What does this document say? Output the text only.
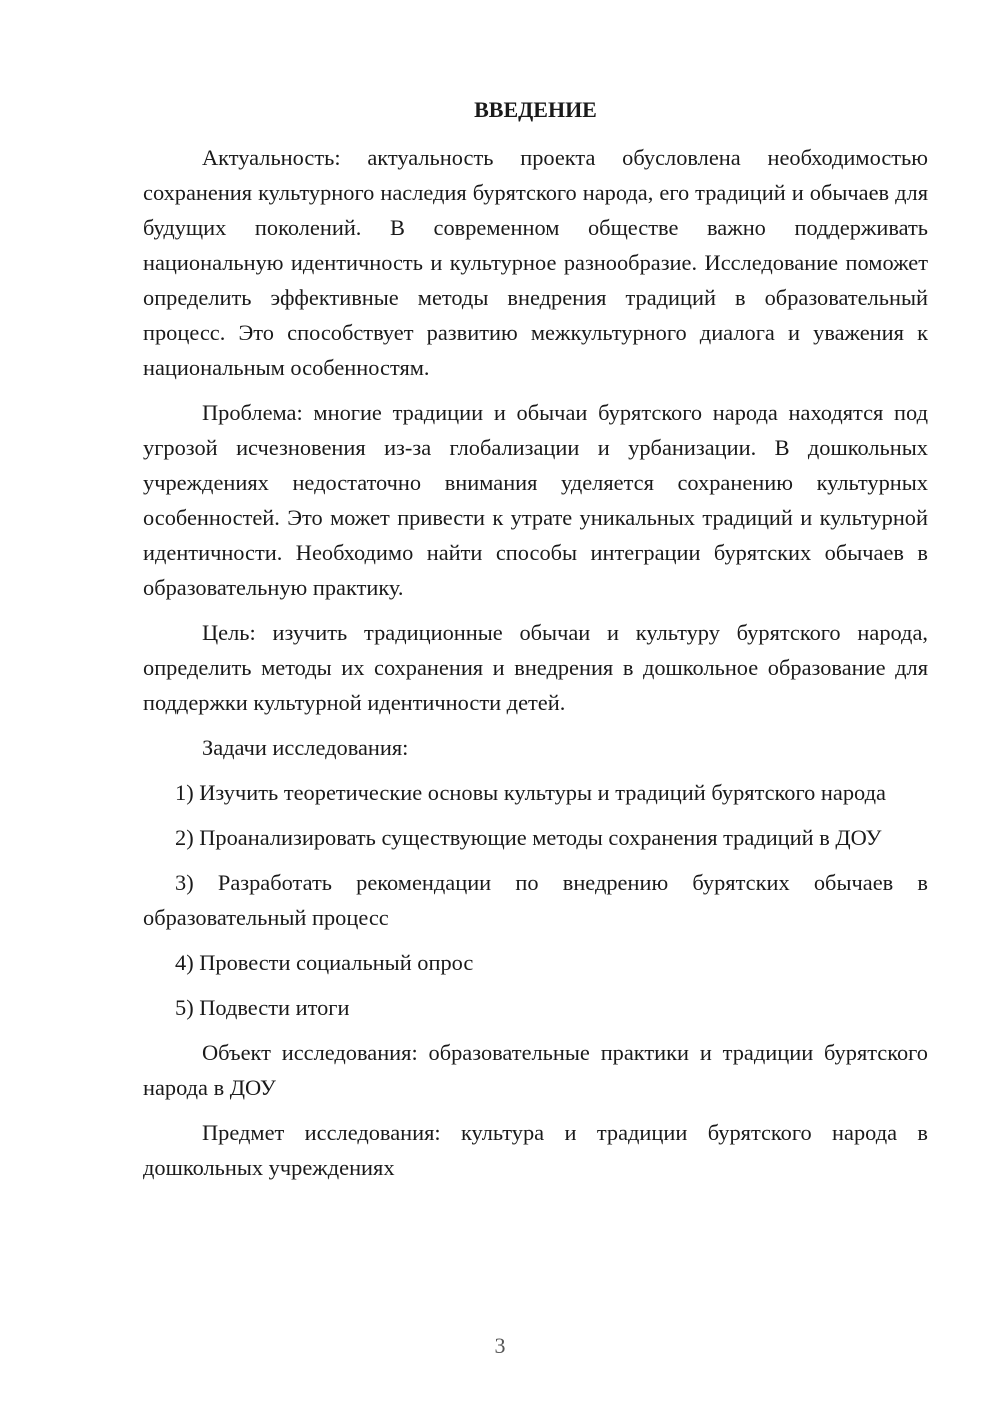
ВВЕДЕНИЕ

Актуальность: актуальность проекта обусловлена необходимостью сохранения культурного наследия бурятского народа, его традиций и обычаев для будущих поколений. В современном обществе важно поддерживать национальную идентичность и культурное разнообразие. Исследование поможет определить эффективные методы внедрения традиций в образовательный процесс. Это способствует развитию межкультурного диалога и уважения к национальным особенностям.

Проблема: многие традиции и обычаи бурятского народа находятся под угрозой исчезновения из-за глобализации и урбанизации. В дошкольных учреждениях недостаточно внимания уделяется сохранению культурных особенностей. Это может привести к утрате уникальных традиций и культурной идентичности. Необходимо найти способы интеграции бурятских обычаев в образовательную практику.

Цель: изучить традиционные обычаи и культуру бурятского народа, определить методы их сохранения и внедрения в дошкольное образование для поддержки культурной идентичности детей.

Задачи исследования:

1) Изучить теоретические основы культуры и традиций бурятского народа

2) Проанализировать существующие методы сохранения традиций в ДОУ

3) Разработать рекомендации по внедрению бурятских обычаев в образовательный процесс

4) Провести социальный опрос

5) Подвести итоги

Объект исследования: образовательные практики и традиции бурятского народа в ДОУ

Предмет исследования: культура и традиции бурятского народа в дошкольных учреждениях

3
